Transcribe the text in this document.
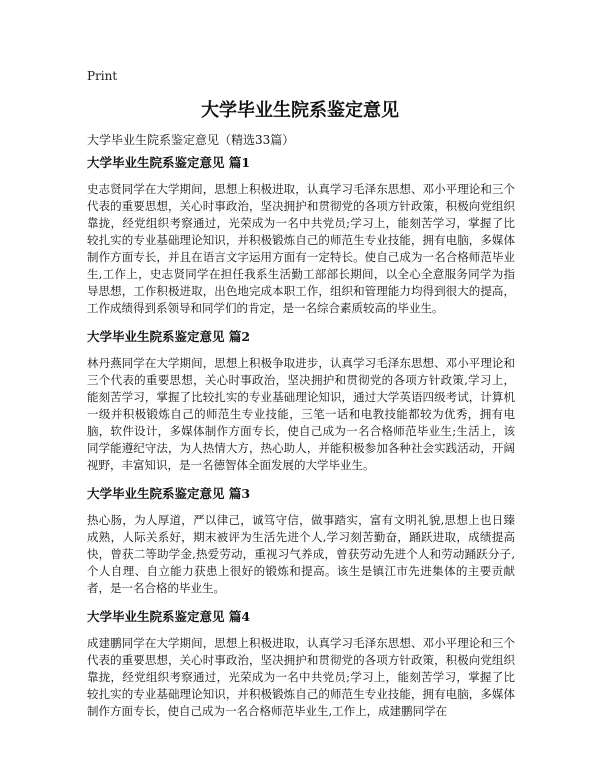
Print
大学毕业生院系鉴定意见
大学毕业生院系鉴定意见（精选33篇）
大学毕业生院系鉴定意见 篇1

史志贤同学在大学期间，思想上积极进取，认真学习毛泽东思想、邓小平理论和三个代表的重要思想，关心时事政治，坚决拥护和贯彻党的各项方针政策，积极向党组织靠拢，经党组织考察通过，光荣成为一名中共党员;学习上，能刻苦学习，掌握了比较扎实的专业基础理论知识，并积极锻炼自己的师范生专业技能，拥有电脑，多媒体制作方面专长，并且在语言文字运用方面有一定特长。使自己成为一名合格师范毕业生,工作上，史志贤同学在担任我系生活勤工部部长期间，以全心全意服务同学为指导思想，工作积极进取，出色地完成本职工作，组织和管理能力均得到很大的提高，工作成绩得到系领导和同学们的肯定，是一名综合素质较高的毕业生。

大学毕业生院系鉴定意见 篇2

林丹燕同学在大学期间，思想上积极争取进步，认真学习毛泽东思想、邓小平理论和三个代表的重要思想，关心时事政治，坚决拥护和贯彻党的各项方针政策,学习上，能刻苦学习，掌握了比较扎实的专业基础理论知识，通过大学英语四级考试，计算机一级并积极锻炼自己的师范生专业技能，三笔一话和电教技能都较为优秀，拥有电脑，软件设计，多媒体制作方面专长，使自己成为一名合格师范毕业生;生活上，该同学能遵纪守法，为人热情大方，热心助人，并能积极参加各种社会实践活动，开阔视野，丰富知识，是一名德智体全面发展的大学毕业生。

大学毕业生院系鉴定意见 篇3

热心肠，为人厚道，严以律己，诚笃守信，做事踏实，富有文明礼貌,思想上也日臻成熟，人际关系好，期末被评为生活先进个人,学习刻苦勤奋，踊跃进取，成绩提高快，曾获二等助学金,热爱劳动，重视习气养成，曾获劳动先进个人和劳动踊跃分子,个人自理、自立能力获患上很好的锻炼和提高。该生是镇江市先进集体的主要贡献者，是一名合格的毕业生。

大学毕业生院系鉴定意见 篇4

成建鹏同学在大学期间，思想上积极进取，认真学习毛泽东思想、邓小平理论和三个代表的重要思想，关心时事政治，坚决拥护和贯彻党的各项方针政策，积极向党组织靠拢，经党组织考察通过，光荣成为一名中共党员;学习上，能刻苦学习，掌握了比较扎实的专业基础理论知识，并积极锻炼自己的师范生专业技能，拥有电脑，多媒体制作方面专长，使自己成为一名合格师范毕业生,工作上，成建鹏同学在
